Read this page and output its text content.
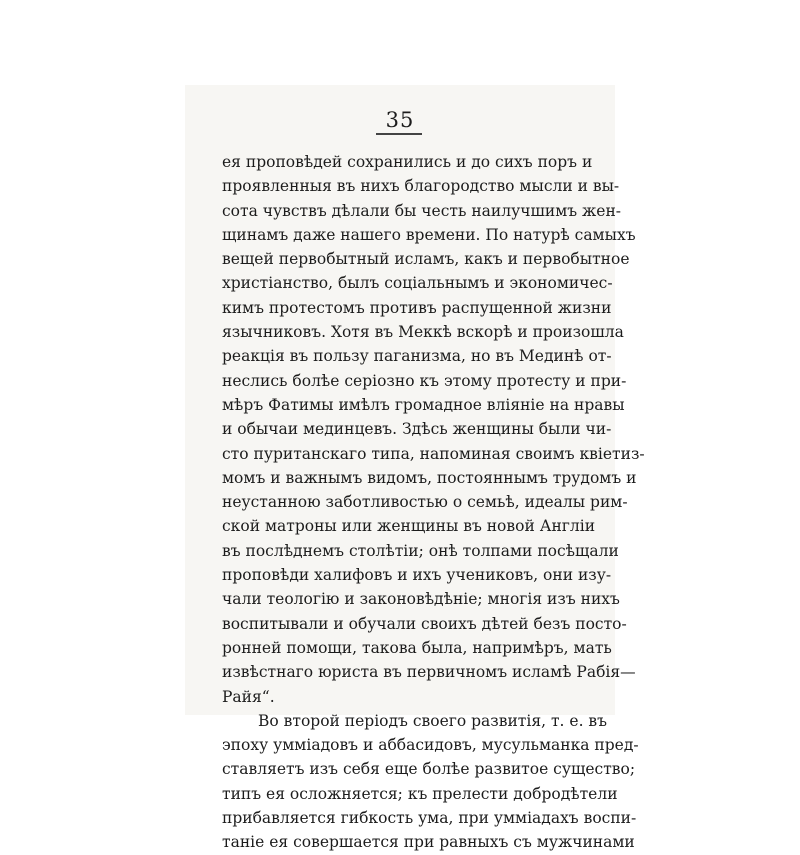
35
ея проповѣдей сохранились и до сихъ поръ и
проявленныя въ нихъ благородство мысли и вы-
сота чувствъ дѣлали бы честь наилучшимъ жен-
щинамъ даже нашего времени. По натурѣ самыхъ
вещей первобытный исламъ, какъ и первобытное
христіанство, былъ соціальнымъ и экономичес-
кимъ протестомъ противъ распущенной жизни
язычниковъ. Хотя въ Меккѣ вскорѣ и произошла
реакція въ пользу паганизма, но въ Мединѣ от-
неслись болѣе серіозно къ этому протесту и при-
мѣръ Фатимы имѣлъ громадное вліяніе на нравы
и обычаи мединцевъ. Здѣсь женщины были чи-
сто пуританскаго типа, напоминая своимъ квіетиз-
момъ и важнымъ видомъ, постояннымъ трудомъ и
неустанною заботливостью о семьѣ, идеалы рим-
ской матроны или женщины въ новой Англіи
въ послѣднемъ столѣтіи; онѣ толпами посѣщали
проповѣди халифовъ и ихъ учениковъ, они изу-
чали теологію и законовѣдѣніе; многія изъ нихъ
воспитывали и обучали своихъ дѣтей безъ посто-
ронней помощи, такова была, напримѣръ, мать
извѣстнаго юриста въ первичномъ исламѣ Рабія—
Райя“.
Во второй періодъ своего развитія, т. е. въ
эпоху уммiадовъ и аббасидовъ, мусульманка пред-
ставляетъ изъ себя еще болѣе развитое существо;
типъ ея осложняется; къ прелести добродѣтели
прибавляется гибкость ума, при уммiадахъ воспи-
таніе ея совершается при равныхъ съ мужчинами
